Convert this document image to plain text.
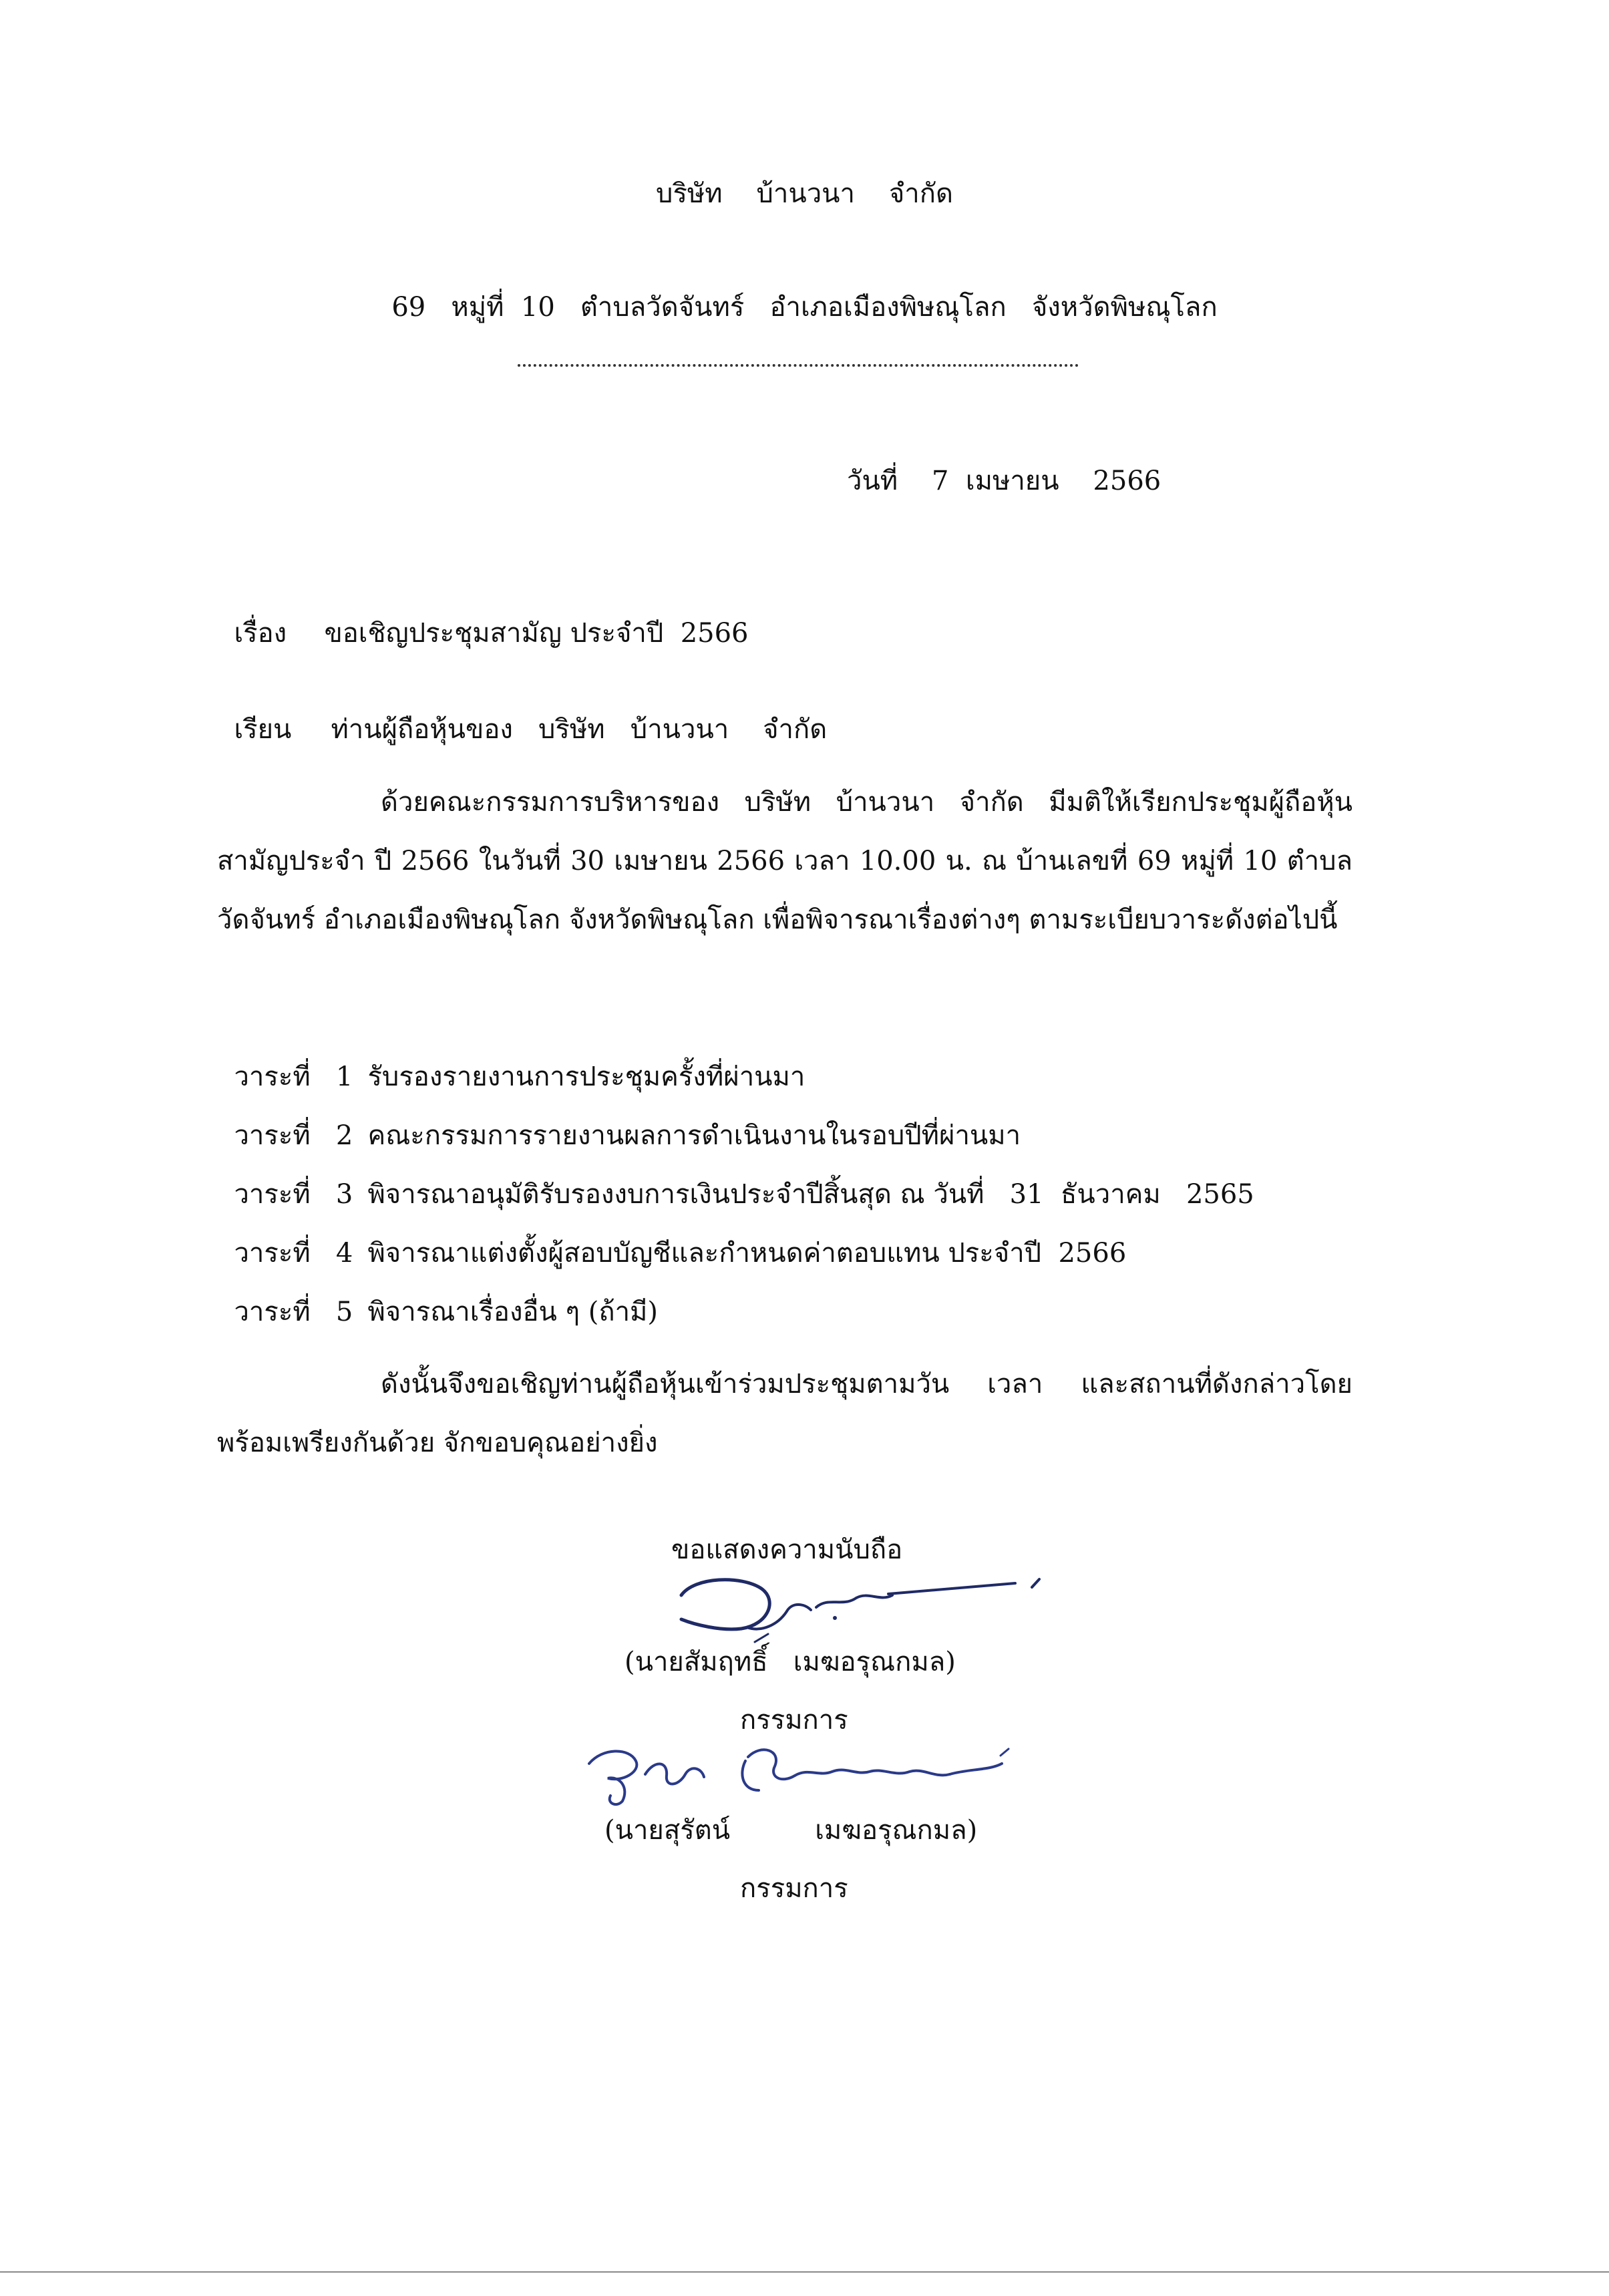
บริษัท    บ้านวนา    จำกัด
69   หมู่ที่  10   ตำบลวัดจันทร์   อำเภอเมืองพิษณุโลก   จังหวัดพิษณุโลก
วันที่    7  เมษายน    2566

เรื่อง ขอเชิญประชุมสามัญ ประจำปี  2566

เรียน ท่านผู้ถือหุ้นของ   บริษัท   บ้านวนา    จำกัด

ด้วยคณะกรรมการบริหารของ บริษัท บ้านวนา จำกัด มีมติให้เรียกประชุมผู้ถือหุ้นสามัญประจำ ปี 2566 ในวันที่ 30 เมษายน 2566 เวลา 10.00 น. ณ บ้านเลขที่ 69 หมู่ที่ 10 ตำบลวัดจันทร์ อำเภอเมืองพิษณุโลก จังหวัดพิษณุโลก เพื่อพิจารณาเรื่องต่างๆ ตามระเบียบวาระดังต่อไปนี้

วาระที่   1 รับรองรายงานการประชุมครั้งที่ผ่านมา

วาระที่   2 คณะกรรมการรายงานผลการดำเนินงานในรอบปีที่ผ่านมา

วาระที่   3 พิจารณาอนุมัติรับรองงบการเงินประจำปีสิ้นสุด ณ วันที่   31  ธันวาคม   2565

วาระที่   4 พิจารณาแต่งตั้งผู้สอบบัญชีและกำหนดค่าตอบแทน ประจำปี  2566

วาระที่   5 พิจารณาเรื่องอื่น ๆ (ถ้ามี)

ดังนั้นจึงขอเชิญท่านผู้ถือหุ้นเข้าร่วมประชุมตามวัน เวลา และสถานที่ดังกล่าวโดยพร้อมเพรียงกันด้วย จักขอบคุณอย่างยิ่ง

ขอแสดงความนับถือ
(นายสัมฤทธิ์   เมฆอรุณกมล)
กรรมการ
(นายสุรัตน์          เมฆอรุณกมล)
กรรมการ
